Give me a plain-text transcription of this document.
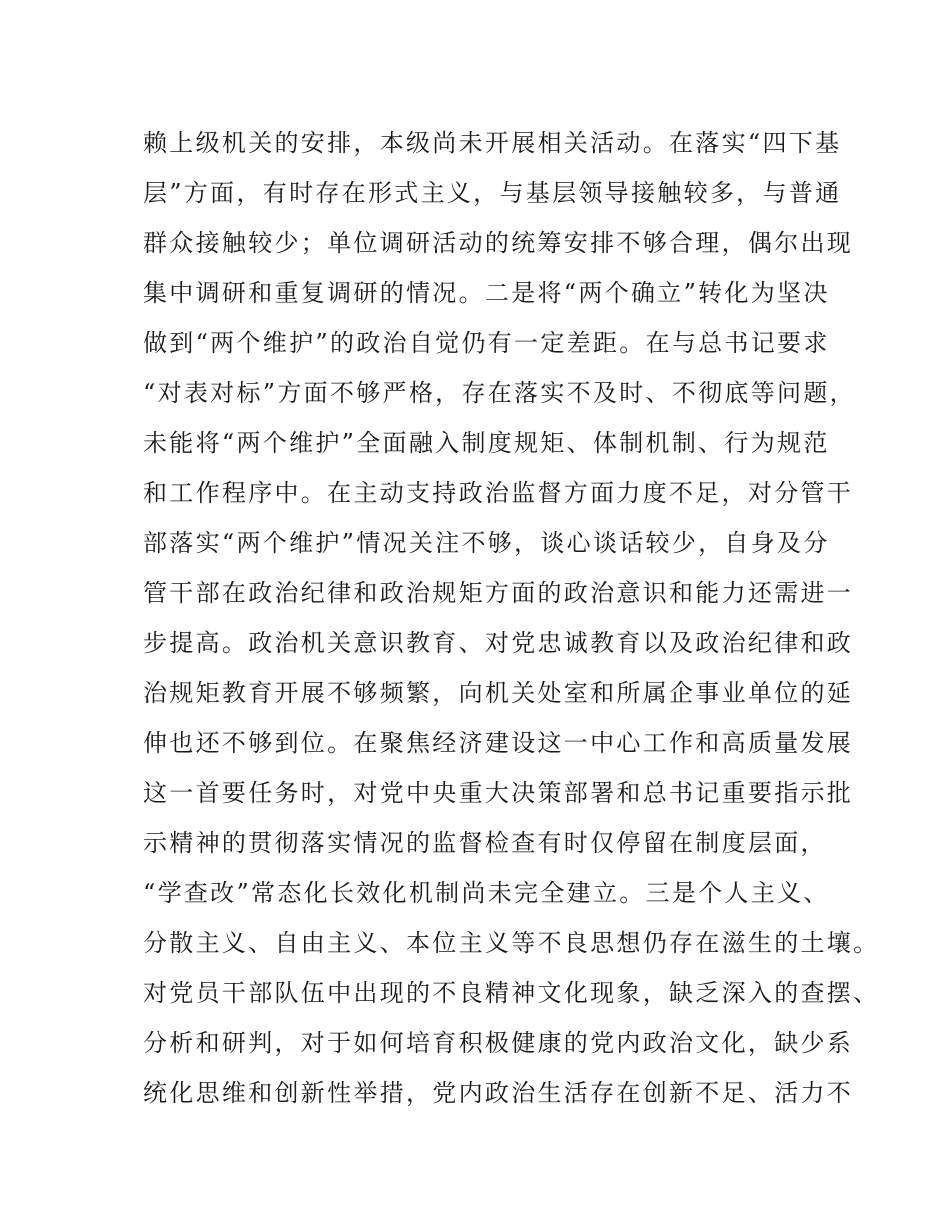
赖上级机关的安排，本级尚未开展相关活动。在落实“四下基
层”方面，有时存在形式主义，与基层领导接触较多，与普通
群众接触较少；单位调研活动的统筹安排不够合理，偶尔出现
集中调研和重复调研的情况。二是将“两个确立”转化为坚决
做到“两个维护”的政治自觉仍有一定差距。在与总书记要求
“对表对标”方面不够严格，存在落实不及时、不彻底等问题，
未能将“两个维护”全面融入制度规矩、体制机制、行为规范
和工作程序中。在主动支持政治监督方面力度不足，对分管干
部落实“两个维护”情况关注不够，谈心谈话较少，自身及分
管干部在政治纪律和政治规矩方面的政治意识和能力还需进一
步提高。政治机关意识教育、对党忠诚教育以及政治纪律和政
治规矩教育开展不够频繁，向机关处室和所属企事业单位的延
伸也还不够到位。在聚焦经济建设这一中心工作和高质量发展
这一首要任务时，对党中央重大决策部署和总书记重要指示批
示精神的贯彻落实情况的监督检查有时仅停留在制度层面，
“学查改”常态化长效化机制尚未完全建立。三是个人主义、
分散主义、自由主义、本位主义等不良思想仍存在滋生的土壤。
对党员干部队伍中出现的不良精神文化现象，缺乏深入的查摆、
分析和研判，对于如何培育积极健康的党内政治文化，缺少系
统化思维和创新性举措，党内政治生活存在创新不足、活力不
